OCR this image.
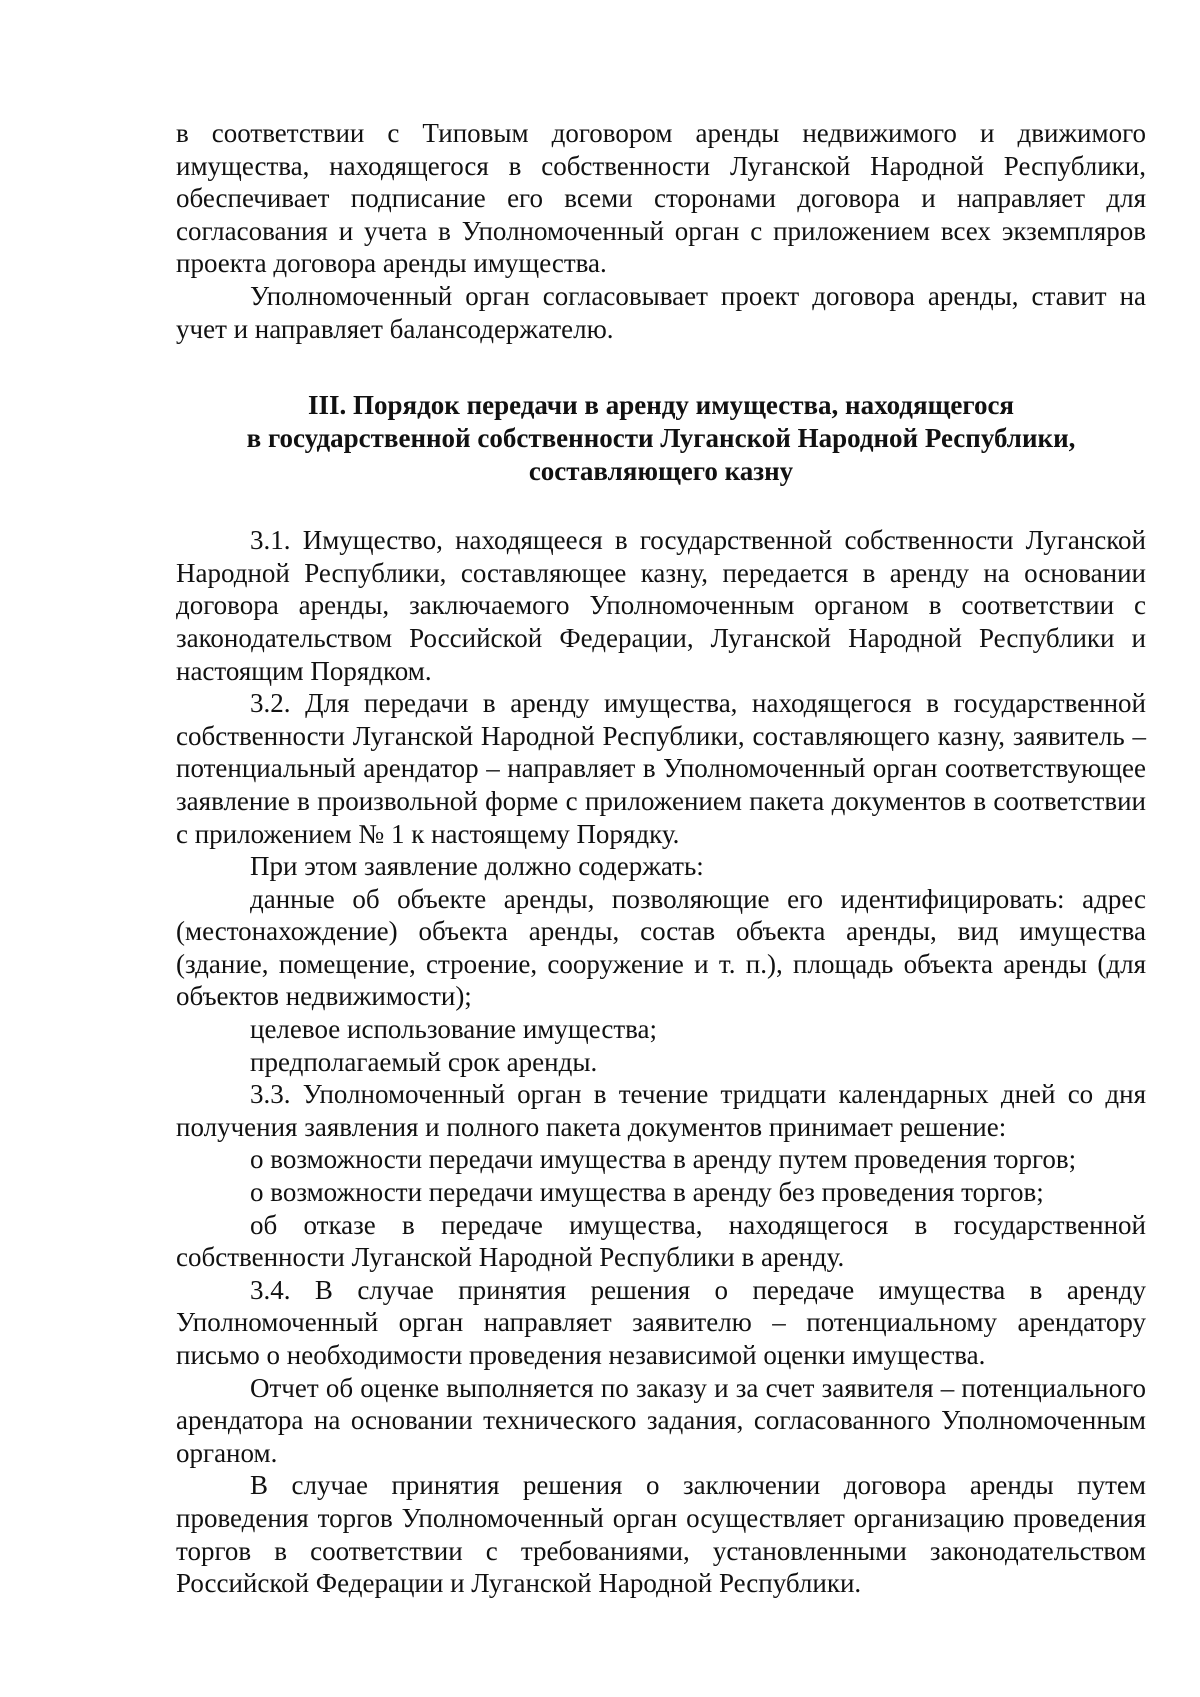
в соответствии с Типовым договором аренды недвижимого и движимого имущества, находящегося в собственности Луганской Народной Республики, обеспечивает подписание его всеми сторонами договора и направляет для согласования и учета в Уполномоченный орган с приложением всех экземпляров проекта договора аренды имущества.

Уполномоченный орган согласовывает проект договора аренды, ставит на учет и направляет балансодержателю.

III. Порядок передачи в аренду имущества, находящегося
в государственной собственности Луганской Народной Республики,
составляющего казну

3.1. Имущество, находящееся в государственной собственности Луганской Народной Республики, составляющее казну, передается в аренду на основании договора аренды, заключаемого Уполномоченным органом в соответствии с законодательством Российской Федерации, Луганской Народной Республики и настоящим Порядком.

3.2. Для передачи в аренду имущества, находящегося в государственной собственности Луганской Народной Республики, составляющего казну, заявитель – потенциальный арендатор – направляет в Уполномоченный орган соответствующее заявление в произвольной форме с приложением пакета документов в соответствии с приложением № 1 к настоящему Порядку.

При этом заявление должно содержать:

данные об объекте аренды, позволяющие его идентифицировать: адрес (местонахождение) объекта аренды, состав объекта аренды, вид имущества (здание, помещение, строение, сооружение и т. п.), площадь объекта аренды (для объектов недвижимости);

целевое использование имущества;

предполагаемый срок аренды.

3.3. Уполномоченный орган в течение тридцати календарных дней со дня получения заявления и полного пакета документов принимает решение:

о возможности передачи имущества в аренду путем проведения торгов;

о возможности передачи имущества в аренду без проведения торгов;

об отказе в передаче имущества, находящегося в государственной собственности Луганской Народной Республики в аренду.

3.4. В случае принятия решения о передаче имущества в аренду Уполномоченный орган направляет заявителю – потенциальному арендатору письмо о необходимости проведения независимой оценки имущества.

Отчет об оценке выполняется по заказу и за счет заявителя – потенциального арендатора на основании технического задания, согласованного Уполномоченным органом.

В случае принятия решения о заключении договора аренды путем проведения торгов Уполномоченный орган осуществляет организацию проведения торгов в соответствии с требованиями, установленными законодательством Российской Федерации и Луганской Народной Республики.
